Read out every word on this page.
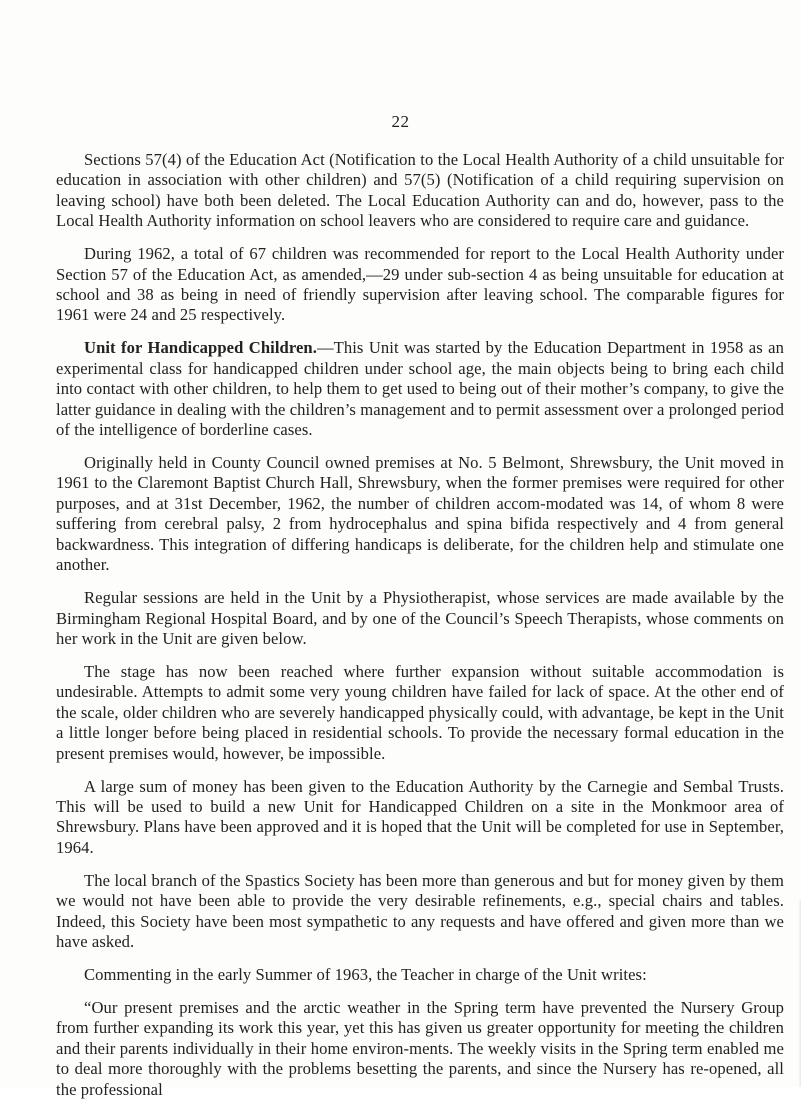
22

Sections 57(4) of the Education Act (Notification to the Local Health Authority of a child unsuitable for education in association with other children) and 57(5) (Notification of a child requiring supervision on leaving school) have both been deleted. The Local Education Authority can and do, however, pass to the Local Health Authority information on school leavers who are considered to require care and guidance.

During 1962, a total of 67 children was recommended for report to the Local Health Authority under Section 57 of the Education Act, as amended,—29 under sub-section 4 as being unsuitable for education at school and 38 as being in need of friendly supervision after leaving school. The comparable figures for 1961 were 24 and 25 respectively.

Unit for Handicapped Children.—This Unit was started by the Education Department in 1958 as an experimental class for handicapped children under school age, the main objects being to bring each child into contact with other children, to help them to get used to being out of their mother’s company, to give the latter guidance in dealing with the children’s management and to permit assessment over a prolonged period of the intelligence of borderline cases.

Originally held in County Council owned premises at No. 5 Belmont, Shrewsbury, the Unit moved in 1961 to the Claremont Baptist Church Hall, Shrewsbury, when the former premises were required for other purposes, and at 31st December, 1962, the number of children accom-modated was 14, of whom 8 were suffering from cerebral palsy, 2 from hydrocephalus and spina bifida respectively and 4 from general backwardness. This integration of differing handicaps is deliberate, for the children help and stimulate one another.

Regular sessions are held in the Unit by a Physiotherapist, whose services are made available by the Birmingham Regional Hospital Board, and by one of the Council’s Speech Therapists, whose comments on her work in the Unit are given below.

The stage has now been reached where further expansion without suitable accommodation is undesirable. Attempts to admit some very young children have failed for lack of space. At the other end of the scale, older children who are severely handicapped physically could, with advantage, be kept in the Unit a little longer before being placed in residential schools. To provide the necessary formal education in the present premises would, however, be impossible.

A large sum of money has been given to the Education Authority by the Carnegie and Sembal Trusts. This will be used to build a new Unit for Handicapped Children on a site in the Monkmoor area of Shrewsbury. Plans have been approved and it is hoped that the Unit will be completed for use in September, 1964.

The local branch of the Spastics Society has been more than generous and but for money given by them we would not have been able to provide the very desirable refinements, e.g., special chairs and tables. Indeed, this Society have been most sympathetic to any requests and have offered and given more than we have asked.

Commenting in the early Summer of 1963, the Teacher in charge of the Unit writes:

“Our present premises and the arctic weather in the Spring term have prevented the Nursery Group from further expanding its work this year, yet this has given us greater opportunity for meeting the children and their parents individually in their home environ-ments. The weekly visits in the Spring term enabled me to deal more thoroughly with the problems besetting the parents, and since the Nursery has re-opened, all the professional
